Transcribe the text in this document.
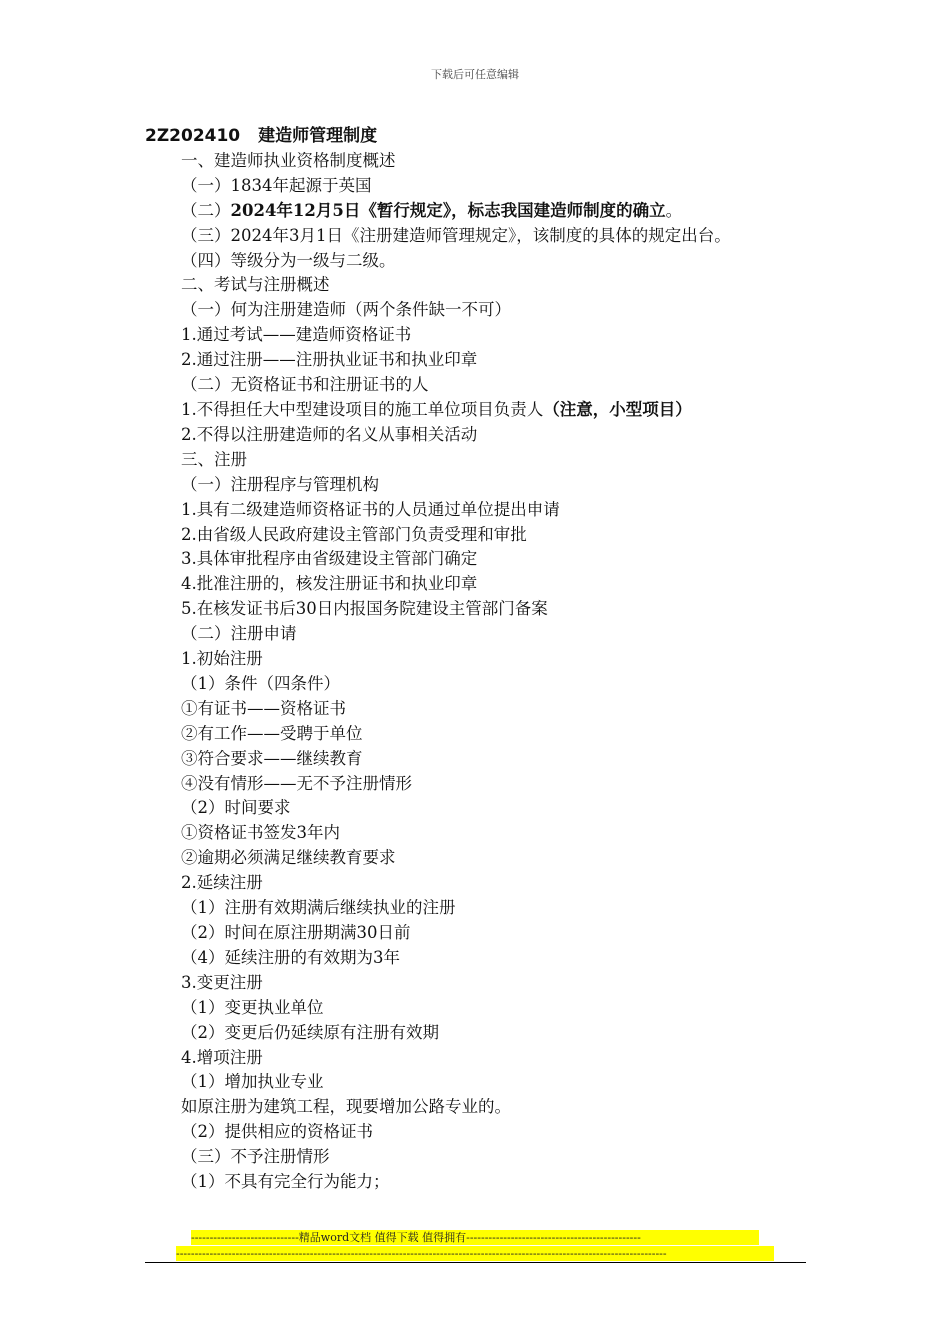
下载后可任意编辑
2Z202410 建造师管理制度
一、建造师执业资格制度概述
（一）1834年起源于英国
（二）2024年12月5日《暂行规定》，标志我国建造师制度的确立。
（三）2024年3月1日《注册建造师管理规定》，该制度的具体的规定出台。
（四）等级分为一级与二级。
二、考试与注册概述
（一）何为注册建造师（两个条件缺一不可）
1.通过考试——建造师资格证书
2.通过注册——注册执业证书和执业印章
（二）无资格证书和注册证书的人
1.不得担任大中型建设项目的施工单位项目负责人（注意，小型项目）
2.不得以注册建造师的名义从事相关活动
三、注册
（一）注册程序与管理机构
1.具有二级建造师资格证书的人员通过单位提出申请
2.由省级人民政府建设主管部门负责受理和审批
3.具体审批程序由省级建设主管部门确定
4.批准注册的，核发注册证书和执业印章
5.在核发证书后30日内报国务院建设主管部门备案
（二）注册申请
1.初始注册
（1）条件（四条件）
①有证书——资格证书
②有工作——受聘于单位
③符合要求——继续教育
④没有情形——无不予注册情形
（2）时间要求
①资格证书签发3年内
②逾期必须满足继续教育要求
2.延续注册
（1）注册有效期满后继续执业的注册
（2）时间在原注册期满30日前
（4）延续注册的有效期为3年
3.变更注册
（1）变更执业单位
（2）变更后仍延续原有注册有效期
4.增项注册
（1）增加执业专业
如原注册为建筑工程，现要增加公路专业的。
（2）提供相应的资格证书
（三）不予注册情形
（1）不具有完全行为能力；
-----------------------------精品word文档 值得下载 值得拥有-----------------------------------------------
------------------------------------------------------------------------------------------------------------------------------------
